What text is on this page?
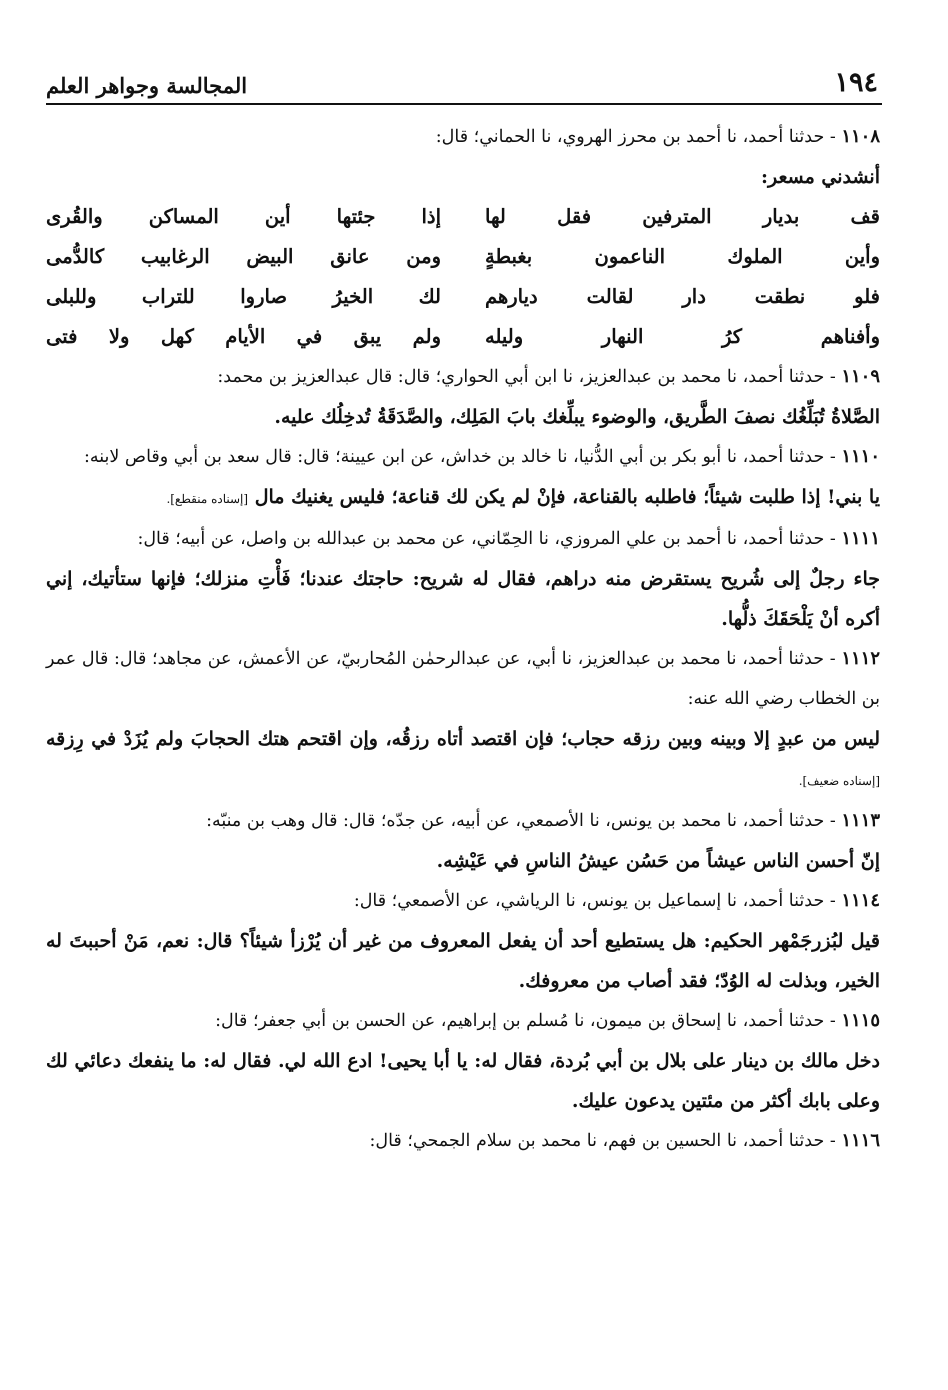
١٩٤
المجالسة وجواهر العلم

١١٠٨ - حدثنا أحمد، نا أحمد بن محرز الهروي، نا الحماني؛ قال:

أنشدني مسعر:

قف بديار المترفين فقل لها
إذا جئتها أين المساكن والقُرى
وأين الملوك الناعمون بغبطةٍ
ومن عانق البيض الرغابيب كالدُّمى
فلو نطقت دار لقالت ديارهم
لك الخيرُ صاروا للتراب وللبلى
وأفناهم كرُ النهار وليله
ولم يبق في الأيام كهل ولا فتى

١١٠٩ - حدثنا أحمد، نا محمد بن عبدالعزيز، نا ابن أبي الحواري؛ قال: قال عبدالعزيز بن محمد:

الصَّلاةُ تُبَلِّغُك نصفَ الطَّريق، والوضوء يبلِّغك بابَ المَلِك، والصَّدَقَةُ تُدخِلُك عليه.

١١١٠ - حدثنا أحمد، نا أبو بكر بن أبي الدُّنيا، نا خالد بن خداش، عن ابن عيينة؛ قال: قال سعد بن أبي وقاص لابنه:

يا بني! إذا طلبت شيئاً؛ فاطلبه بالقناعة، فإنْ لم يكن لك قناعة؛ فليس يغنيك مال [إسناده منقطع].

١١١١ - حدثنا أحمد، نا أحمد بن علي المروزي، نا الحِمّاني، عن محمد بن عبدالله بن واصل، عن أبيه؛ قال:

جاء رجلٌ إلى شُريح يستقرض منه دراهم، فقال له شريح: حاجتك عندنا؛ فَأْتِ منزلك؛ فإنها ستأتيك، إني أكره أنْ يَلْحَقَكَ ذلُّها.

١١١٢ - حدثنا أحمد، نا محمد بن عبدالعزيز، نا أبي، عن عبدالرحمٰن المُحاربيّ، عن الأعمش، عن مجاهد؛ قال: قال عمر بن الخطاب رضي الله عنه:

ليس من عبدٍ إلا وبينه وبين رزقه حجاب؛ فإن اقتصد أتاه رزقُه، وإن اقتحم هتك الحجابَ ولم يُزَدْ في رِزقه [إسناده ضعيف].

١١١٣ - حدثنا أحمد، نا محمد بن يونس، نا الأصمعي، عن أبيه، عن جدّه؛ قال: قال وهب بن منبّه:

إنّ أحسن الناس عيشاً من حَسُن عيشُ الناسِ في عَيْشِه.

١١١٤ - حدثنا أحمد، نا إسماعيل بن يونس، نا الرياشي، عن الأصمعي؛ قال:

قيل لبُزرجَمْهر الحكيم: هل يستطيع أحد أن يفعل المعروف من غير أن يُرْزأ شيئاً؟ قال: نعم، مَنْ أحببتَ له الخير، وبذلت له الوُدّ؛ فقد أصاب من معروفك.

١١١٥ - حدثنا أحمد، نا إسحاق بن ميمون، نا مُسلم بن إبراهيم، عن الحسن بن أبي جعفر؛ قال:

دخل مالك بن دينار على بلال بن أبي بُردة، فقال له: يا أبا يحيى! ادع الله لي. فقال له: ما ينفعك دعائي لك وعلى بابك أكثر من مئتين يدعون عليك.

١١١٦ - حدثنا أحمد، نا الحسين بن فهم، نا محمد بن سلام الجمحي؛ قال:
